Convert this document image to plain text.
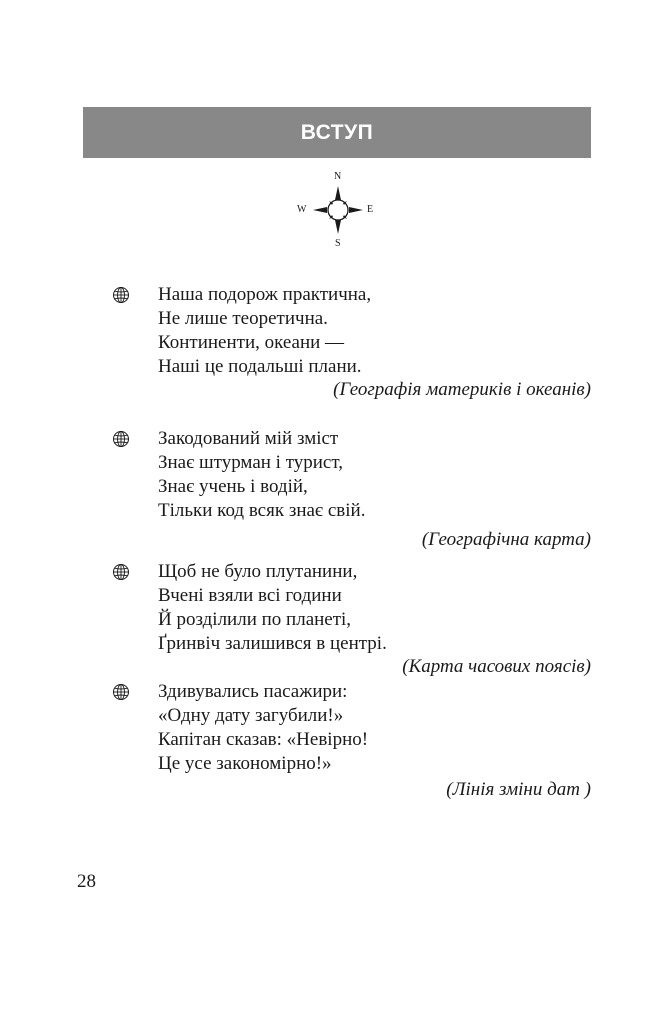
ВСТУП
N
S
E
W
Наша подорож практична,
Не лише теоретична.
Континенти, океани —
Наші це подальші плани.
(Географія материків і океанів)
Закодований мій зміст
Знає штурман і турист,
Знає учень і водій,
Тільки код всяк знає свій.
(Географічна карта)
Щоб не було плутанини,
Вчені взяли всі години
Й розділили по планеті,
Ґринвіч залишився в центрі.
(Карта часових поясів)
Здивувались пасажири:
«Одну дату загубили!»
Капітан сказав: «Невірно!
Це усе закономірно!»
(Лінія зміни дат )
28
